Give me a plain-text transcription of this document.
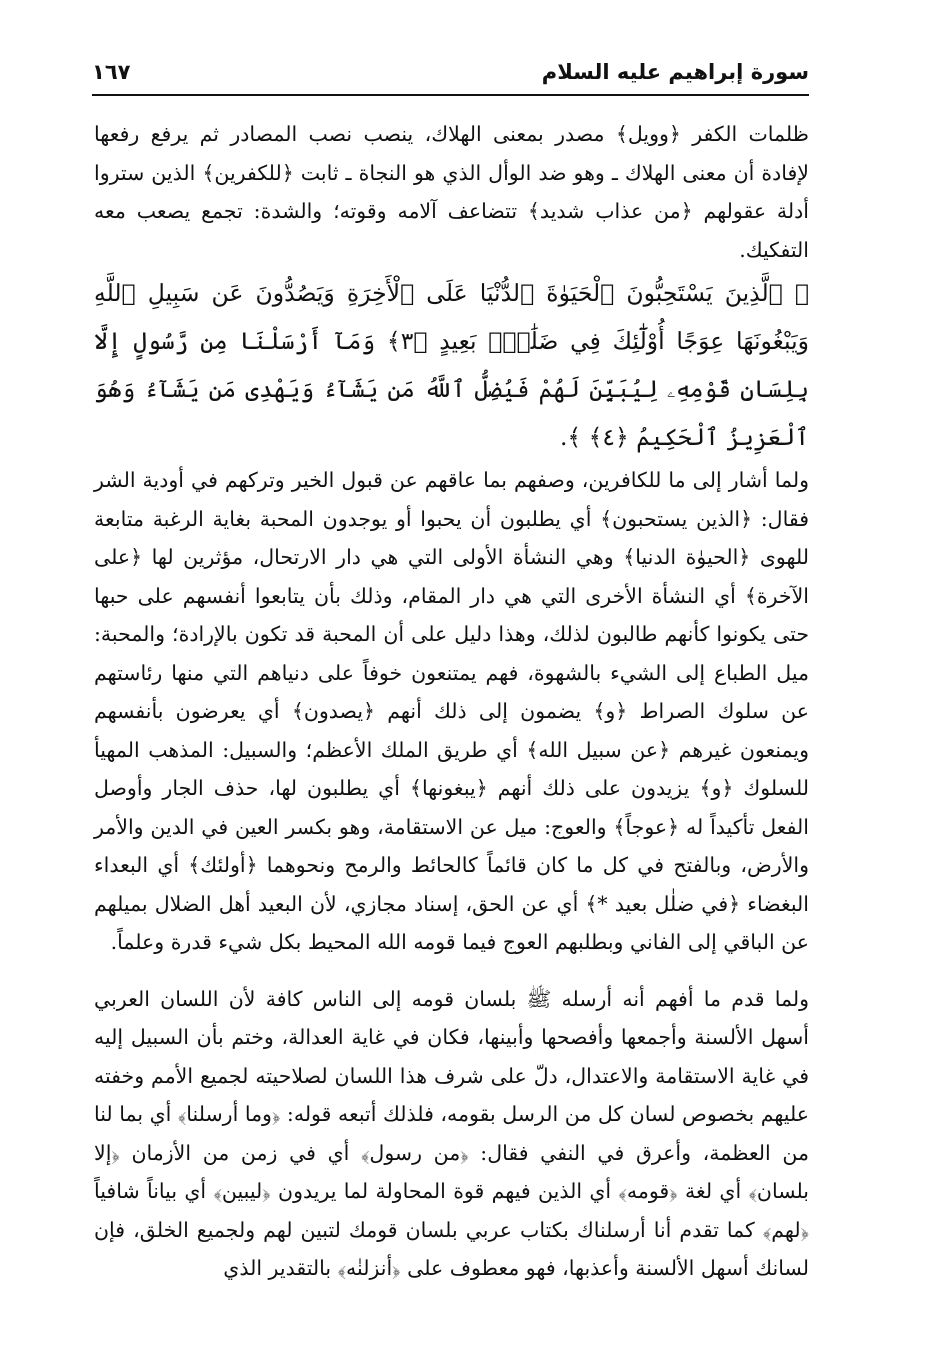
سورة إبراهيم عليه السلام
١٦٧

ظلمات الكفر ﴿وويل﴾ مصدر بمعنى الهلاك، ينصب نصب المصادر ثم يرفع رفعها لإفادة أن معنى الهلاك ـ وهو ضد الوأل الذي هو النجاة ـ ثابت ﴿للكفرين﴾ الذين ستروا أدلة عقولهم ﴿من عذاب شديد﴾ تتضاعف آلامه وقوته؛ والشدة: تجمع يصعب معه التفكيك.

﴿ ٱلَّذِينَ يَسْتَحِبُّونَ ٱلْحَيَوٰةَ ٱلدُّنْيَا عَلَى ٱلْأَخِرَةِ وَيَصُدُّونَ عَن سَبِيلِ ٱللَّهِ وَيَبْغُونَهَا عِوَجًا أُوْلَٰٓئِكَ فِي ضَلَٰلِۭ بَعِيدٍ ﴿٣﴾ وَمَآ أَرْسَلْنَا مِن رَّسُولٍ إِلَّا بِلِسَانِ قَوْمِهِۦ لِيُبَيِّنَ لَهُمْ فَيُضِلُّ ٱللَّهُ مَن يَشَآءُ وَيَهْدِى مَن يَشَآءُ وَهُوَ ٱلْعَزِيزُ ٱلْحَكِيمُ ﴿٤﴾ ﴾.

ولما أشار إلى ما للكافرين، وصفهم بما عاقهم عن قبول الخير وتركهم في أودية الشر فقال: ﴿الذين يستحبون﴾ أي يطلبون أن يحبوا أو يوجدون المحبة بغاية الرغبة متابعة للهوى ﴿الحيوٰة الدنيا﴾ وهي النشأة الأولى التي هي دار الارتحال، مؤثرين لها ﴿على الآخرة﴾ أي النشأة الأخرى التي هي دار المقام، وذلك بأن يتابعوا أنفسهم على حبها حتى يكونوا كأنهم طالبون لذلك، وهذا دليل على أن المحبة قد تكون بالإرادة؛ والمحبة: ميل الطباع إلى الشيء بالشهوة، فهم يمتنعون خوفاً على دنياهم التي منها رئاستهم عن سلوك الصراط ﴿و﴾ يضمون إلى ذلك أنهم ﴿يصدون﴾ أي يعرضون بأنفسهم ويمنعون غيرهم ﴿عن سبيل الله﴾ أي طريق الملك الأعظم؛ والسبيل: المذهب المهيأ للسلوك ﴿و﴾ يزيدون على ذلك أنهم ﴿يبغونها﴾ أي يطلبون لها، حذف الجار وأوصل الفعل تأكيداً له ﴿عوجاً﴾ والعوج: ميل عن الاستقامة، وهو بكسر العين في الدين والأمر والأرض، وبالفتح في كل ما كان قائماً كالحائط والرمح ونحوهما ﴿أولئك﴾ أي البعداء البغضاء ﴿في ضلٰل بعيد *﴾ أي عن الحق، إسناد مجازي، لأن البعيد أهل الضلال بميلهم عن الباقي إلى الفاني وبطلبهم العوج فيما قومه الله المحيط بكل شيء قدرة وعلماً.

ولما قدم ما أفهم أنه أرسله ﷺ بلسان قومه إلى الناس كافة لأن اللسان العربي أسهل الألسنة وأجمعها وأفصحها وأبينها، فكان في غاية العدالة، وختم بأن السبيل إليه في غاية الاستقامة والاعتدال، دلّ على شرف هذا اللسان لصلاحيته لجميع الأمم وخفته عليهم بخصوص لسان كل من الرسل بقومه، فلذلك أتبعه قوله: ﴿وما أرسلنا﴾ أي بما لنا من العظمة، وأعرق في النفي فقال: ﴿من رسول﴾ أي في زمن من الأزمان ﴿إلا بلسان﴾ أي لغة ﴿قومه﴾ أي الذين فيهم قوة المحاولة لما يريدون ﴿ليبين﴾ أي بياناً شافياً ﴿لهم﴾ كما تقدم أنا أرسلناك بكتاب عربي بلسان قومك لتبين لهم ولجميع الخلق، فإن لسانك أسهل الألسنة وأعذبها، فهو معطوف على ﴿أنزلنٰه﴾ بالتقدير الذي
